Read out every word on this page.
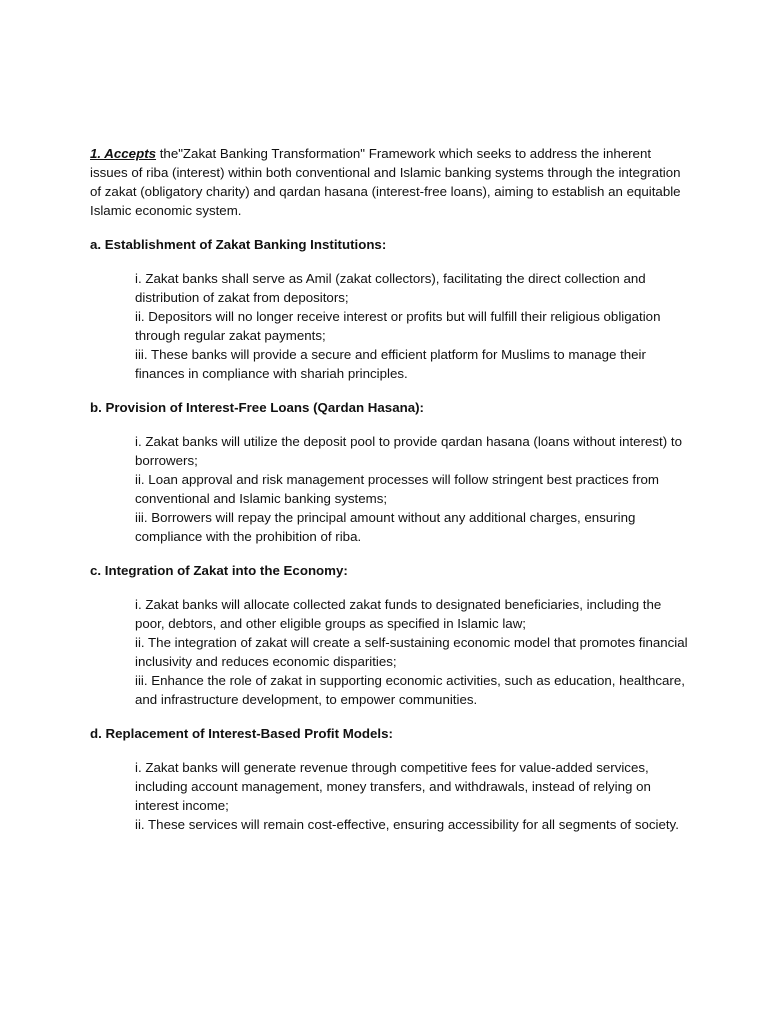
1. Accepts the"Zakat Banking Transformation" Framework which seeks to address the inherent issues of riba (interest) within both conventional and Islamic banking systems through the integration of zakat (obligatory charity) and qardan hasana (interest-free loans), aiming to establish an equitable Islamic economic system.

a. Establishment of Zakat Banking Institutions:
i. Zakat banks shall serve as Amil (zakat collectors), facilitating the direct collection and distribution of zakat from depositors;
ii. Depositors will no longer receive interest or profits but will fulfill their religious obligation through regular zakat payments;
iii. These banks will provide a secure and efficient platform for Muslims to manage their finances in compliance with shariah principles.
b. Provision of Interest-Free Loans (Qardan Hasana):
i. Zakat banks will utilize the deposit pool to provide qardan hasana (loans without interest) to borrowers;
ii. Loan approval and risk management processes will follow stringent best practices from conventional and Islamic banking systems;
iii. Borrowers will repay the principal amount without any additional charges, ensuring compliance with the prohibition of riba.
c. Integration of Zakat into the Economy:
i. Zakat banks will allocate collected zakat funds to designated beneficiaries, including the poor, debtors, and other eligible groups as specified in Islamic law;
ii. The integration of zakat will create a self-sustaining economic model that promotes financial inclusivity and reduces economic disparities;
iii. Enhance the role of zakat in supporting economic activities, such as education, healthcare, and infrastructure development, to empower communities.
d. Replacement of Interest-Based Profit Models:
i. Zakat banks will generate revenue through competitive fees for value-added services, including account management, money transfers, and withdrawals, instead of relying on interest income;
ii. These services will remain cost-effective, ensuring accessibility for all segments of society.
